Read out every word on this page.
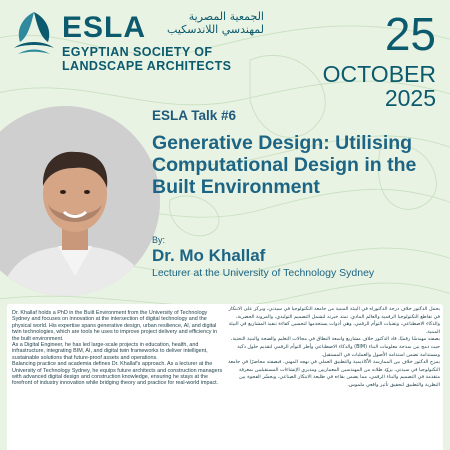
ESLA	الجمعية المصرية
لمهندسي اللاندسكيب
EGYPTIAN SOCIETY OF
LANDSCAPE ARCHITECTS
25
OCTOBER
2025
ESLA Talk #6
Generative Design: Utilising Computational Design in the Built Environment
By:
Dr. Mo Khallaf
Lecturer at the University of Technology Sydney

Dr. Khallaf holds a PhD in the Built Environment from the University of Technology Sydney and focuses on innovation at the intersection of digital technology and the physical world. His expertise spans generative design, urban resilience, AI, and digital twin technologies, which are tools he uses to improve project delivery and efficiency in the built environment.

As a Digital Engineer, he has led large-scale projects in education, health, and infrastructure, integrating BIM, AI, and digital twin frameworks to deliver intelligent, sustainable solutions that future-proof assets and operations.

Balancing practice and academia defines Dr. Khallaf's approach. As a lecturer at the University of Technology Sydney, he equips future architects and construction managers with advanced digital design and construction knowledge, ensuring he stays at the forefront of industry innovation while bridging theory and practice for real-world impact.

يحمل الدكتور خلاف درجة الدكتوراه في البيئة المبنية من جامعة التكنولوجيا في سيدني، ويركز على الابتكار في تقاطع التكنولوجيا الرقمية والعالم المادي. تمتد خبرته لتشمل التصميم التوليدي، والمرونة الحضرية، والذكاء الاصطناعي، وتقنيات التوأم الرقمي، وهي أدوات يستخدمها لتحسين كفاءة تنفيذ المشاريع في البيئة المبنية.

بصفته مهندسًا رقميًا، قاد الدكتور خلاف مشاريع واسعة النطاق في مجالات التعليم والصحة والبنية التحتية، حيث دمج بين نمذجة معلومات البناء (BIM) والذكاء الاصطناعي وأطر التوأم الرقمي لتقديم حلول ذكية ومستدامة تضمن استدامة الأصول والعمليات في المستقبل.

يمزج الدكتور خلاف بين الممارسة الأكاديمية والتطبيق العملي في نهجه المهني. فبصفته محاضرًا في جامعة التكنولوجيا في سيدني، يزوّد طلابه من المهندسين المعماريين ومديري الإنشاءات المستقبليين بمعرفة متقدمة في التصميم والبناء الرقمي، مما يضمن بقاءه في طليعة الابتكار الصناعي، ويجسّر الفجوة بين النظرية والتطبيق لتحقيق تأثير واقعي ملموس.
